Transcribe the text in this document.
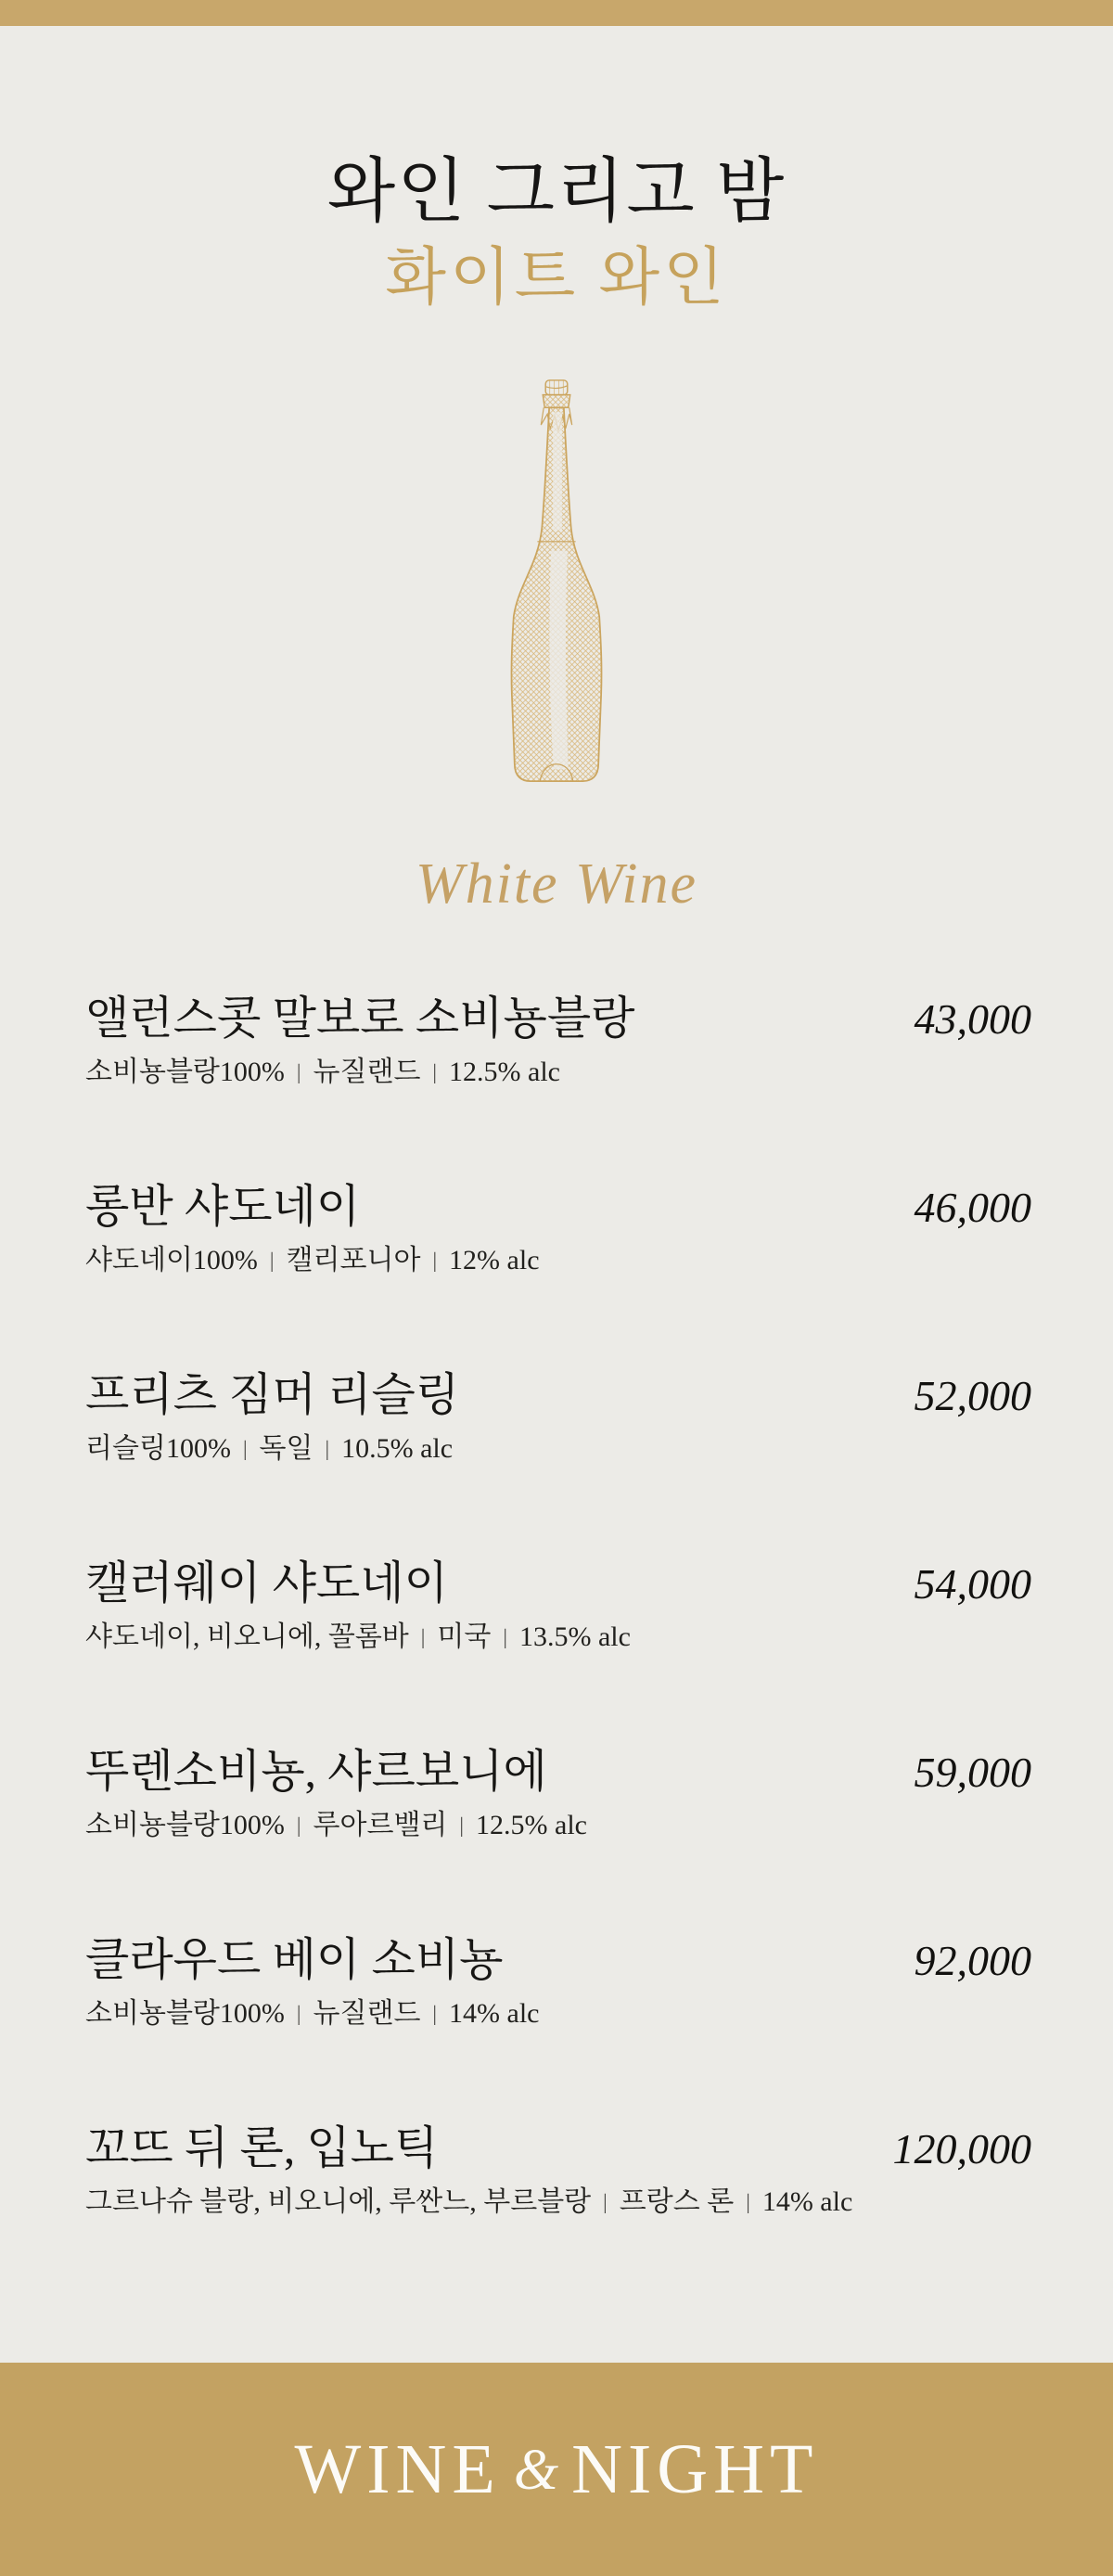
와인 그리고 밤
화이트 와인
White Wine
앨런스콧 말보로 소비뇽블랑	43,000
소비뇽블랑100% | 뉴질랜드 | 12.5% alc
롱반 샤도네이	46,000
샤도네이100% | 캘리포니아 | 12% alc
프리츠 짐머 리슬링	52,000
리슬링100% | 독일 | 10.5% alc
캘러웨이 샤도네이	54,000
샤도네이, 비오니에, 꼴롬바 | 미국 | 13.5% alc
뚜렌소비뇽, 샤르보니에	59,000
소비뇽블랑100% | 루아르밸리 | 12.5% alc
클라우드 베이 소비뇽	92,000
소비뇽블랑100% | 뉴질랜드 | 14% alc
꼬뜨 뒤 론, 입노틱	120,000
그르나슈 블랑, 비오니에, 루싼느, 부르블랑 | 프랑스 론 | 14% alc
WINE & NIGHT
